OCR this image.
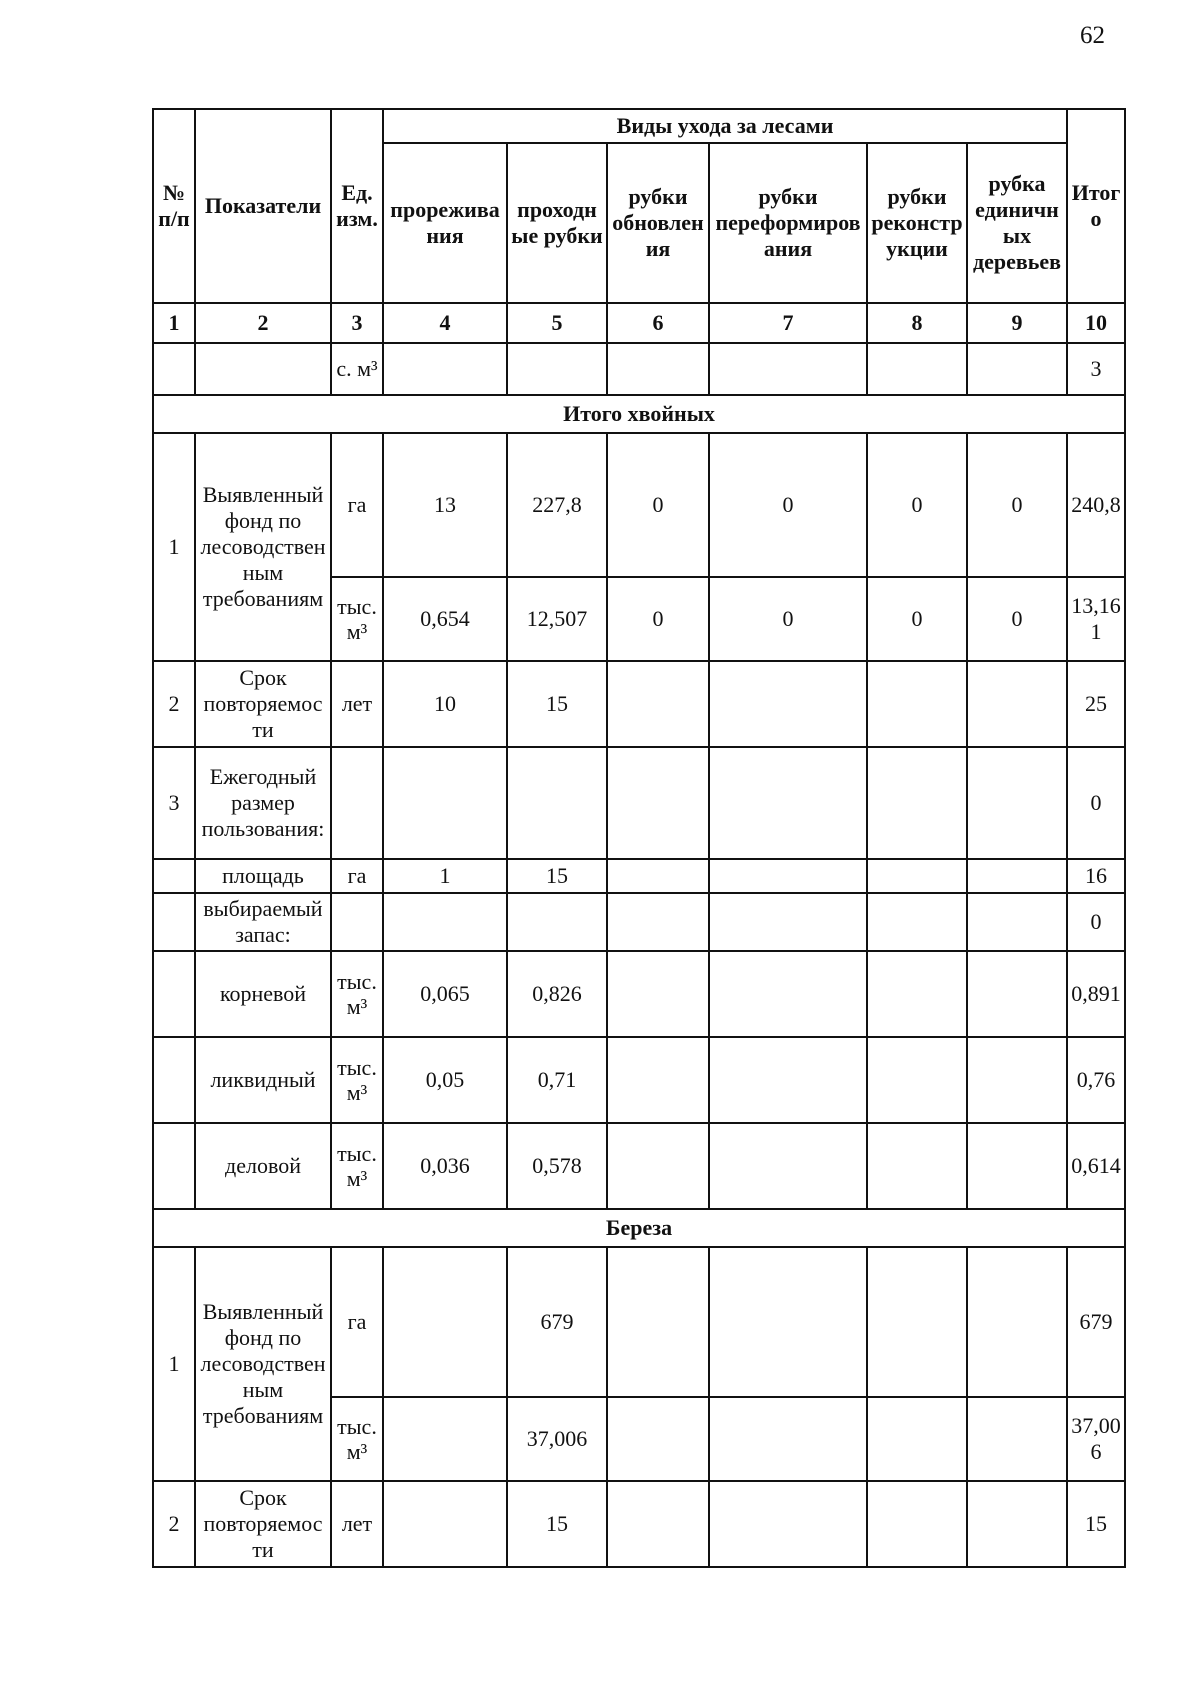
62
№ п/п	Показатели	Ед. изм.	Виды ухода за лесами						Итого
			прореживания	проходные рубки	рубки обновления	рубки переформирования	рубки реконструкции	рубка единичных деревьев	
1	2	3	4	5	6	7	8	9	10
		с. м³							3
Итого хвойных									
1	Выявленный фонд по лесоводственным требованиям	га	13	227,8	0	0	0	0	240,8
		тыс. м³	0,654	12,507	0	0	0	0	13,161
2	Срок повторяемости	лет	10	15					25
3	Ежегодный размер пользования:								0
	площадь	га	1	15					16
	выбираемый запас:								0
	корневой	тыс. м³	0,065	0,826					0,891
	ликвидный	тыс. м³	0,05	0,71					0,76
	деловой	тыс. м³	0,036	0,578					0,614
Береза									
1	Выявленный фонд по лесоводственным требованиям	га		679					679
		тыс. м³		37,006					37,006
2	Срок повторяемости	лет		15					15
